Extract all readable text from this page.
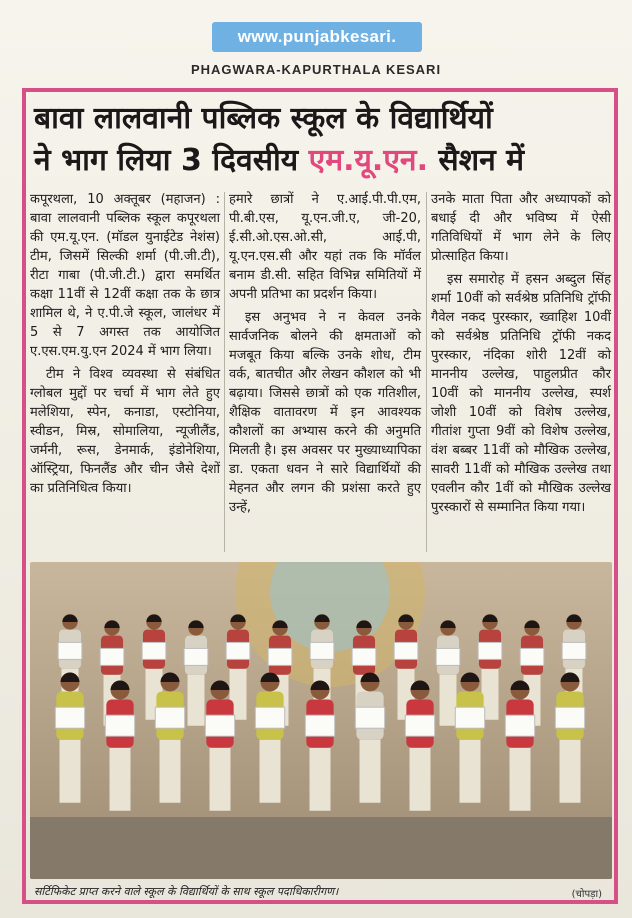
www.punjabkesari.
PHAGWARA-KAPURTHALA KESARI
बावा लालवानी पब्लिक स्कूल के विद्यार्थियों
ने भाग लिया 3 दिवसीय एम.यू.एन. सैशन में

कपूरथला, 10 अक्तूबर (महाजन) : बावा लालवानी पब्लिक स्कूल कपूरथला की एम.यू.एन. (मॉडल युनाईटेड नेशंस) टीम, जिसमें सिल्की शर्मा (पी.जी.टी), रीटा गाबा (पी.जी.टी.) द्वारा समर्थित कक्षा 11वीं से 12वीं कक्षा तक के छात्र शामिल थे, ने ए.पी.जे स्कूल, जालंधर में 5 से 7 अगस्त तक आयोजित ए.एस.एम.यु.एन 2024 में भाग लिया।

टीम ने विश्व व्यवस्था से संबंधित ग्लोबल मुद्दों पर चर्चा में भाग लेते हुए मलेशिया, स्पेन, कनाडा, एस्टोनिया, स्वीडन, मिस्र, सोमालिया, न्यूजीलैंड, जर्मनी, रूस, डेनमार्क, इंडोनेशिया, ऑस्ट्रिया, फिनलैंड और चीन जैसे देशों का प्रतिनिधित्व किया।

हमारे छात्रों ने ए.आई.पी.पी.एम, पी.बी.एस, यू.एन.जी.ए, जी-20, ई.सी.ओ.एस.ओ.सी, आई.पी, यू.एन.एस.सी और यहां तक कि मॉर्वल बनाम डी.सी. सहित विभिन्न समितियों में अपनी प्रतिभा का प्रदर्शन किया।

इस अनुभव ने न केवल उनके सार्वजनिक बोलने की क्षमताओं को मजबूत किया बल्कि उनके शोध, टीम वर्क, बातचीत और लेखन कौशल को भी बढ़ाया। जिससे छात्रों को एक गतिशील, शैक्षिक वातावरण में इन आवश्यक कौशलों का अभ्यास करने की अनुमति मिलती है। इस अवसर पर मुख्याध्यापिका डा. एकता धवन ने सारे विद्यार्थियों की मेहनत और लगन की प्रशंसा करते हुए उन्हें,

उनके माता पिता और अध्यापकों को बधाई दी और भविष्य में ऐसी गतिविधियों में भाग लेने के लिए प्रोत्साहित किया।

इस समारोह में हसन अब्दुल सिंह शर्मा 10वीं को सर्वश्रेष्ठ प्रतिनिधि ट्रॉफी गैवेल नकद पुरस्कार, ख्वाहिश 10वीं को सर्वश्रेष्ठ प्रतिनिधि ट्रॉफी नकद पुरस्कार, नंदिका शोरी 12वीं को माननीय उल्लेख, पाहुलप्रीत कौर 10वीं को माननीय उल्लेख, स्पर्श जोशी 10वीं को विशेष उल्लेख, गीतांश गुप्ता 9वीं को विशेष उल्लेख, वंश बब्बर 11वीं को मौखिक उल्लेख, सावरी 11वीं को मौखिक उल्लेख तथा एवलीन कौर 1वीं को मौखिक उल्लेख पुरस्कारों से सम्मानित किया गया।

सर्टिफिकेट प्राप्त करने वाले स्कूल के विद्यार्थियों के साथ स्कूल पदाधिकारीगण।	(चोपड़ा)
